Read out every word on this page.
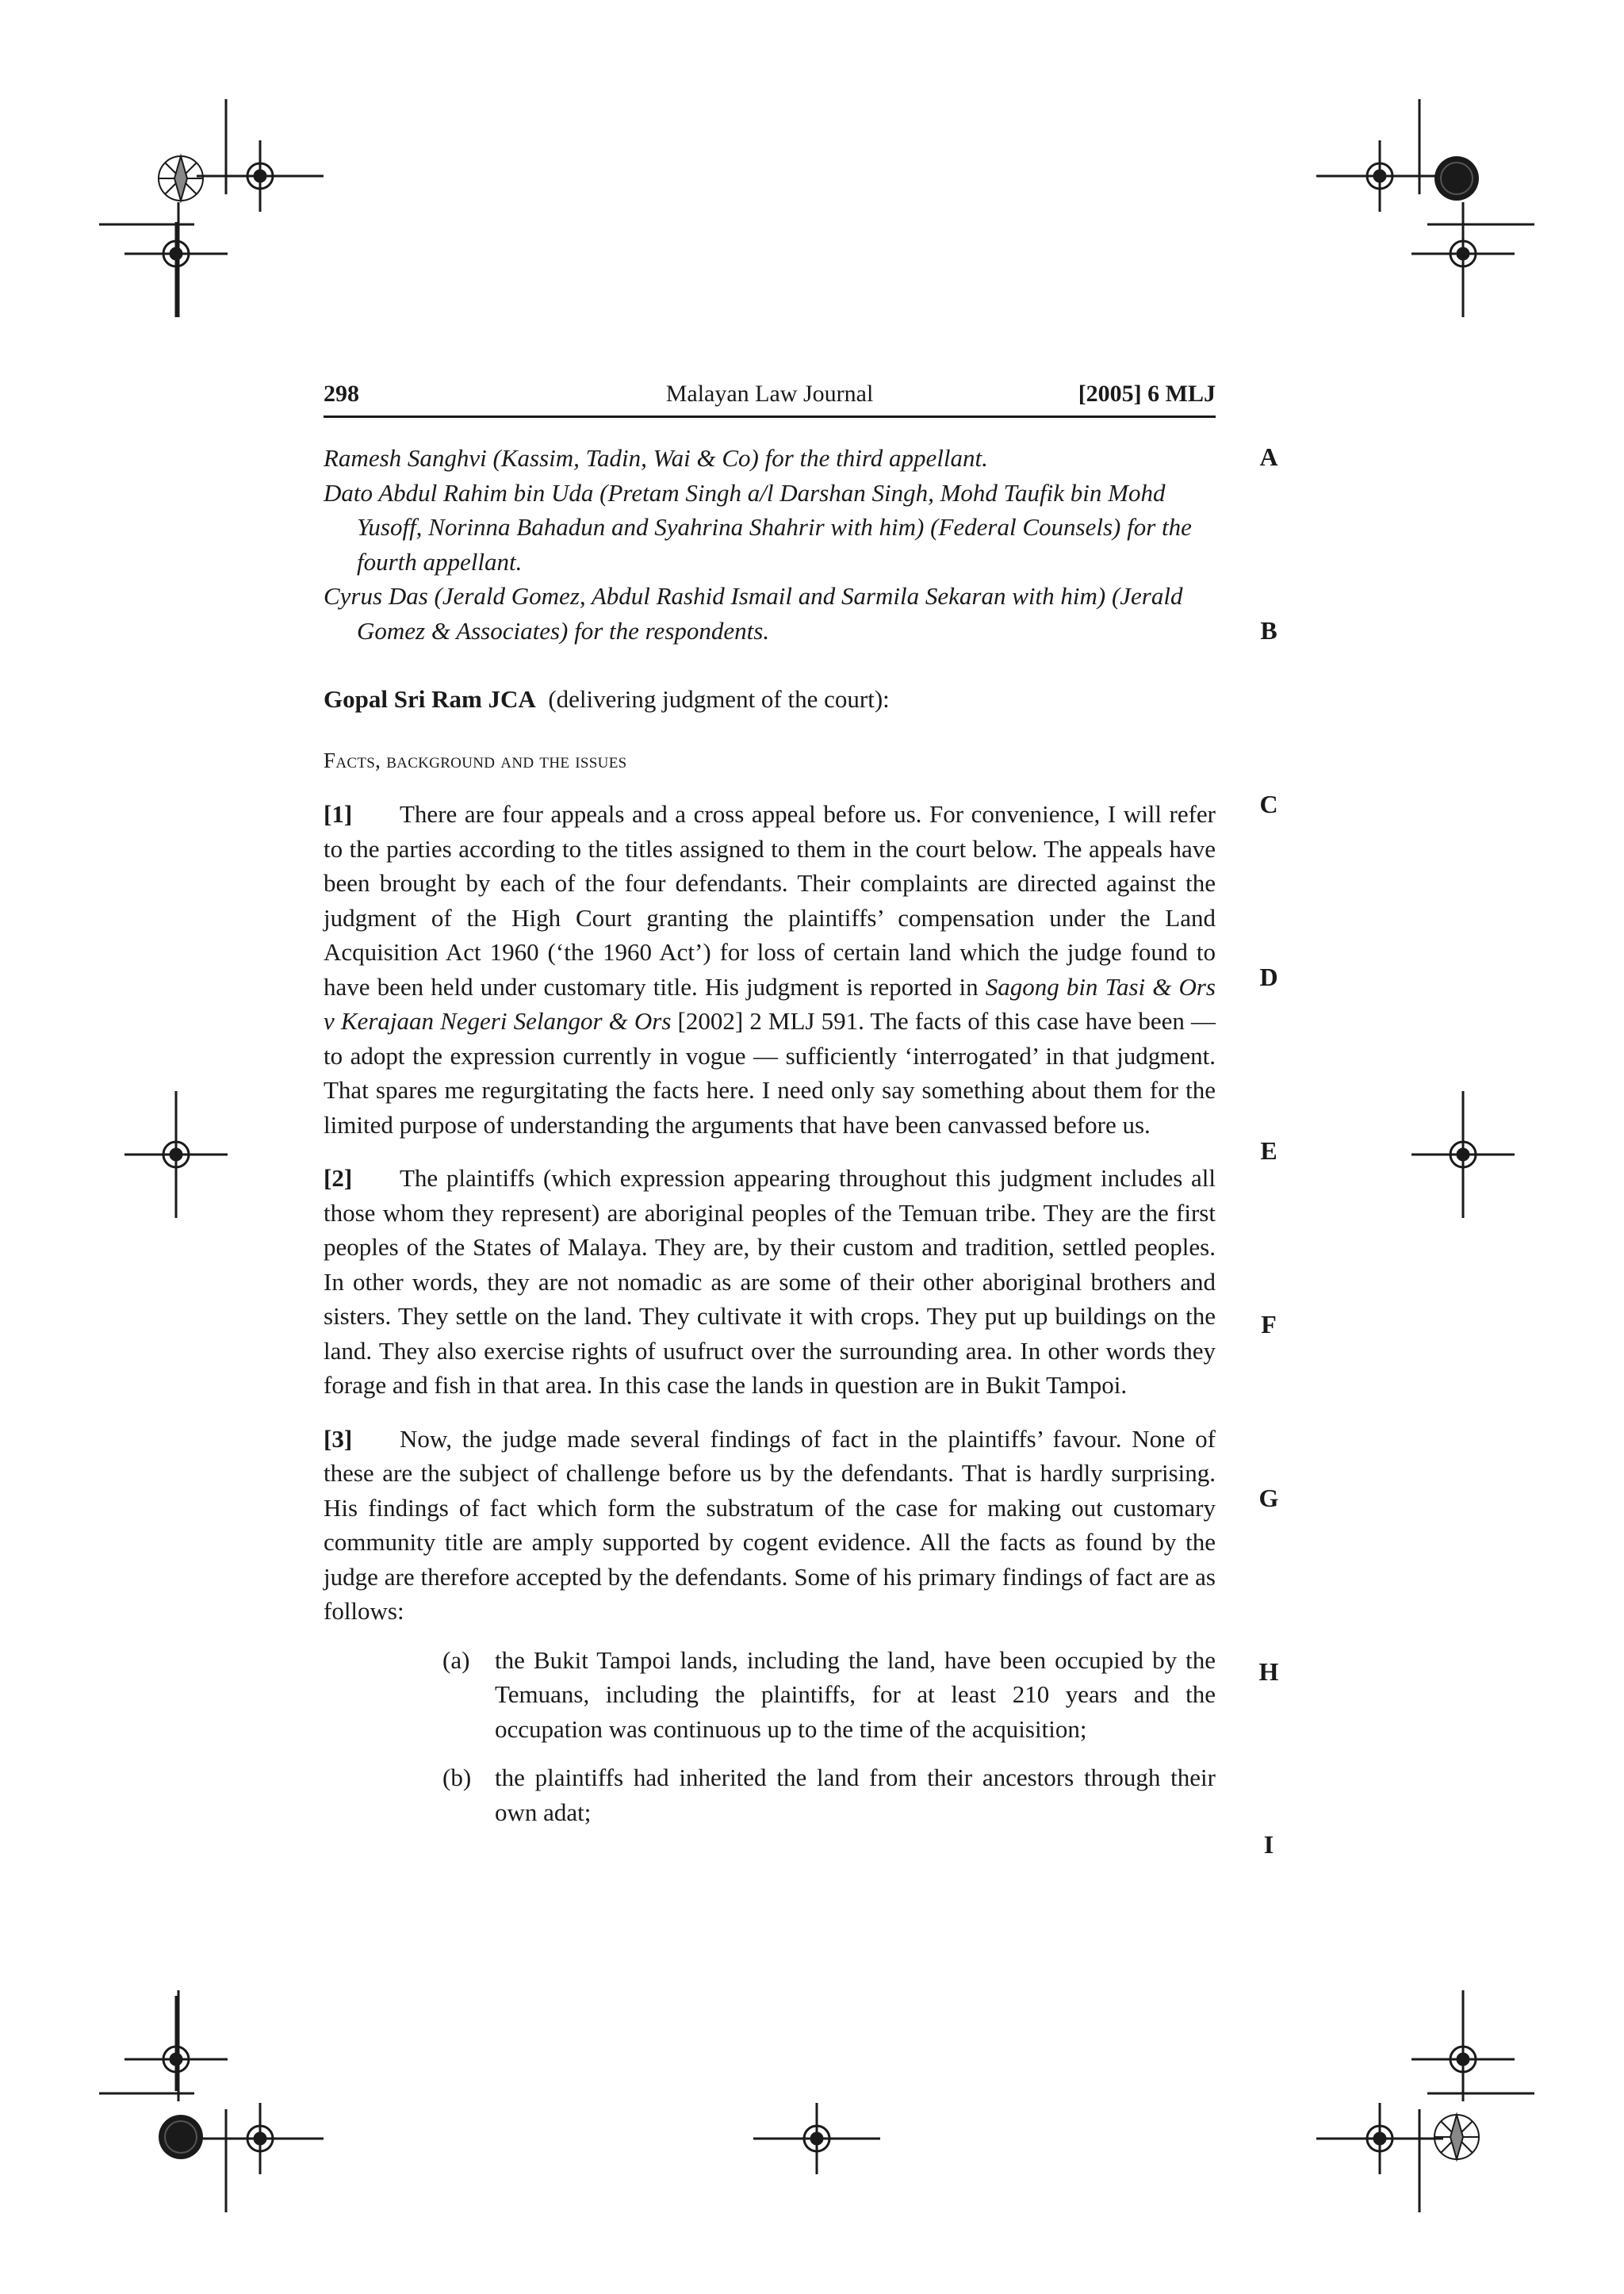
298	Malayan Law Journal	[2005] 6 MLJ

Ramesh Sanghvi (Kassim, Tadin, Wai & Co) for the third appellant.

Dato Abdul Rahim bin Uda (Pretam Singh a/l Darshan Singh, Mohd Taufik bin Mohd Yusoff, Norinna Bahadun and Syahrina Shahrir with him) (Federal Counsels) for the fourth appellant.

Cyrus Das (Jerald Gomez, Abdul Rashid Ismail and Sarmila Sekaran with him) (Jerald Gomez & Associates) for the respondents.

Gopal Sri Ram JCA (delivering judgment of the court):

Facts, background and the issues

[1] There are four appeals and a cross appeal before us. For convenience, I will refer to the parties according to the titles assigned to them in the court below. The appeals have been brought by each of the four defendants. Their complaints are directed against the judgment of the High Court granting the plaintiffs’ compensation under the Land Acquisition Act 1960 (‘the 1960 Act’) for loss of certain land which the judge found to have been held under customary title. His judgment is reported in Sagong bin Tasi & Ors v Kerajaan Negeri Selangor & Ors [2002] 2 MLJ 591. The facts of this case have been — to adopt the expression currently in vogue — sufficiently ‘interrogated’ in that judgment. That spares me regurgitating the facts here. I need only say something about them for the limited purpose of understanding the arguments that have been canvassed before us.

[2] The plaintiffs (which expression appearing throughout this judgment includes all those whom they represent) are aboriginal peoples of the Temuan tribe. They are the first peoples of the States of Malaya. They are, by their custom and tradition, settled peoples. In other words, they are not nomadic as are some of their other aboriginal brothers and sisters. They settle on the land. They cultivate it with crops. They put up buildings on the land. They also exercise rights of usufruct over the surrounding area. In other words they forage and fish in that area. In this case the lands in question are in Bukit Tampoi.

[3] Now, the judge made several findings of fact in the plaintiffs’ favour. None of these are the subject of challenge before us by the defendants. That is hardly surprising. His findings of fact which form the substratum of the case for making out customary community title are amply supported by cogent evidence. All the facts as found by the judge are therefore accepted by the defendants. Some of his primary findings of fact are as follows:

(a)	the Bukit Tampoi lands, including the land, have been occupied by the Temuans, including the plaintiffs, for at least 210 years and the occupation was continuous up to the time of the acquisition;
(b) the plaintiffs had inherited the land from their ancestors through their own adat;
A
B
C
D
E
F
G
H
I
